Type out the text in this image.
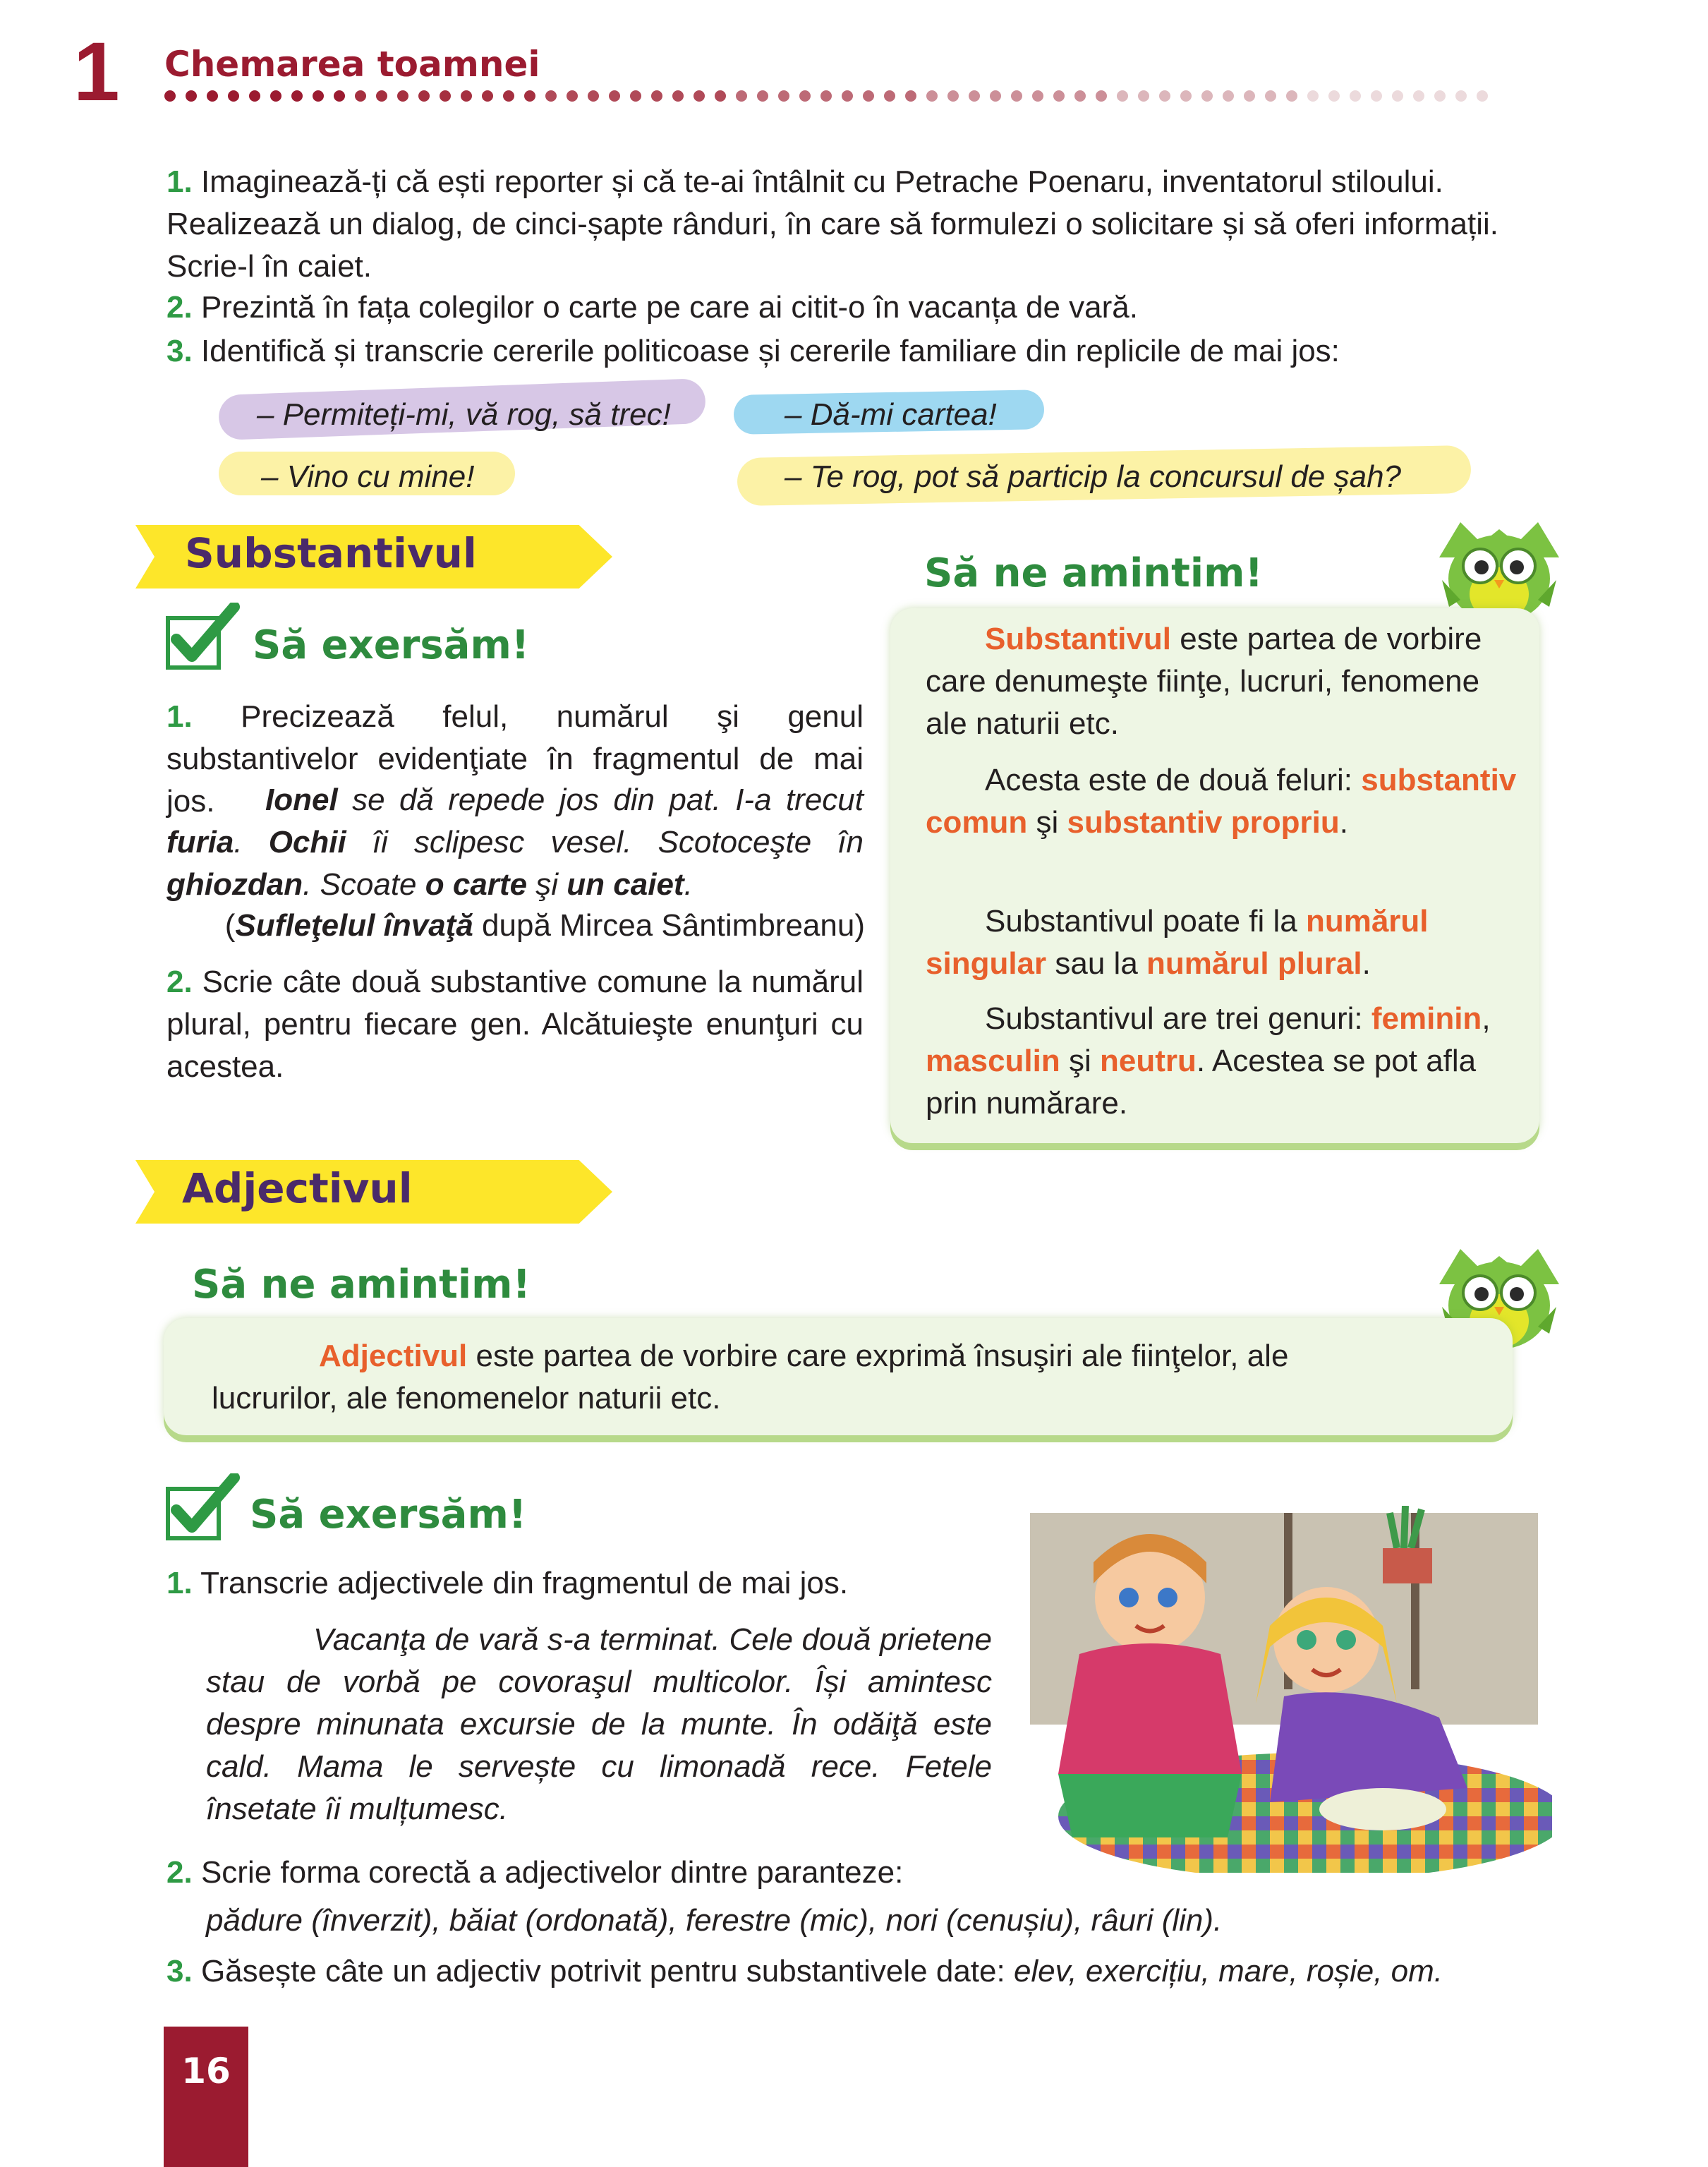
1 Chemarea toamnei
1. Imaginează-ți că ești reporter și că te-ai întâlnit cu Petrache Poenaru, inventatorul stiloului. Realizează un dialog, de cinci-șapte rânduri, în care să formulezi o solicitare și să oferi informații. Scrie-l în caiet.
2. Prezintă în fața colegilor o carte pe care ai citit-o în vacanța de vară.
3. Identifică și transcrie cererile politicoase și cererile familiare din replicile de mai jos:
– Permiteți-mi, vă rog, să trec!	– Dă-mi cartea!
– Vino cu mine!	– Te rog, pot să particip la concursul de șah?
Substantivul
Să exersăm!
1. Precizează felul, numărul şi genul substantivelor evidenţiate în fragmentul de mai jos.	Ionel se dă repede jos din pat. I-a trecut furia. Ochii îi sclipesc vesel. Scotoceşte în ghiozdan. Scoate o carte şi un caiet.
(Sufleţelul învaţă după Mircea Sântimbreanu)
2. Scrie câte două substantive comune la numărul plural, pentru fiecare gen. Alcătuieşte enunţuri cu acestea.
Să ne amintim!
Substantivul este partea de vorbire care denumeşte fiinţe, lucruri, fenomene ale naturii etc.
Acesta este de două feluri: substantiv comun şi substantiv propriu.
Substantivul poate fi la numărul singular sau la numărul plural.
Substantivul are trei genuri: feminin, masculin şi neutru. Acestea se pot afla prin numărare.
Adjectivul
Să ne amintim!
Adjectivul este partea de vorbire care exprimă însuşiri ale fiinţelor, ale lucrurilor, ale fenomenelor naturii etc.
Să exersăm!
1. Transcrie adjectivele din fragmentul de mai jos.
Vacanţa de vară s-a terminat. Cele două prietene stau de vorbă pe covoraşul multicolor. Își amintesc despre minunata excursie de la munte. În odăiţă este cald. Mama le servește cu limonadă rece. Fetele însetate îi mulțumesc.
2. Scrie forma corectă a adjectivelor dintre paranteze:
pădure (înverzit), băiat (ordonată), ferestre (mic), nori (cenușiu), râuri (lin).
3. Găsește câte un adjectiv potrivit pentru substantivele date: elev, exercițiu, mare, roșie, om.
16
